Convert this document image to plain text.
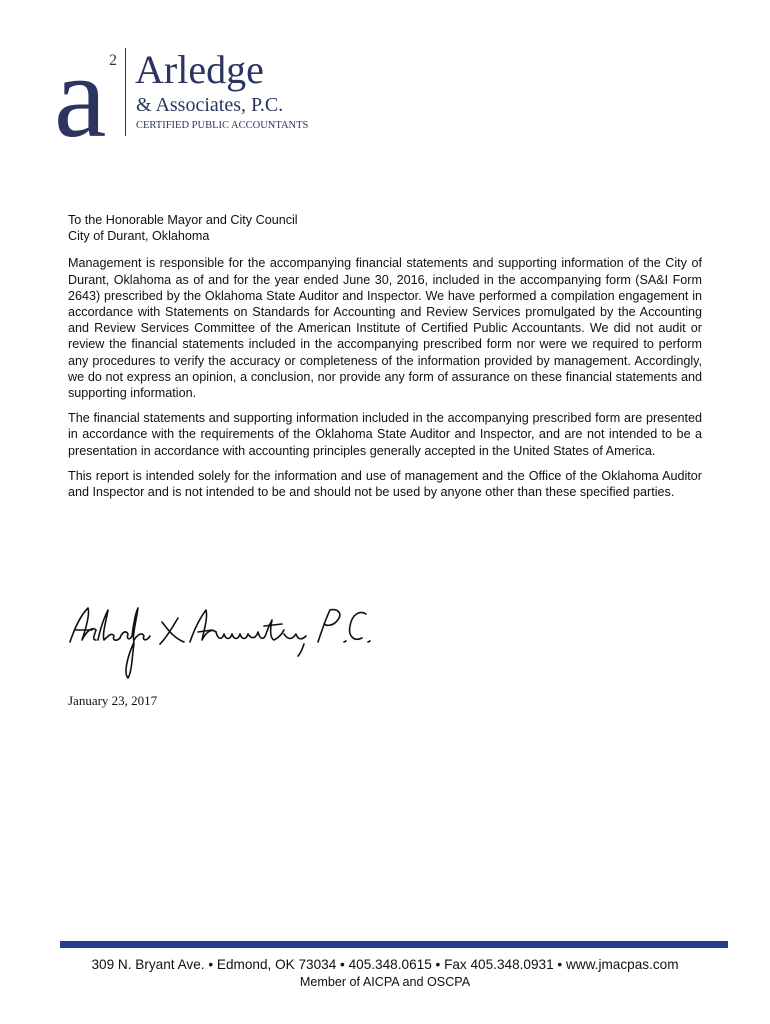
a 2 Arledge
& Associates, P.C.
CERTIFIED PUBLIC ACCOUNTANTS

To the Honorable Mayor and City Council

City of Durant, Oklahoma

Management is responsible for the accompanying financial statements and supporting information of the City of Durant, Oklahoma as of and for the year ended June 30, 2016, included in the accompanying form (SA&I Form 2643) prescribed by the Oklahoma State Auditor and Inspector. We have performed a compilation engagement in accordance with Statements on Standards for Accounting and Review Services promulgated by the Accounting and Review Services Committee of the American Institute of Certified Public Accountants. We did not audit or review the financial statements included in the accompanying prescribed form nor were we required to perform any procedures to verify the accuracy or completeness of the information provided by management. Accordingly, we do not express an opinion, a conclusion, nor provide any form of assurance on these financial statements and supporting information.

The financial statements and supporting information included in the accompanying prescribed form are presented in accordance with the requirements of the Oklahoma State Auditor and Inspector, and are not intended to be a presentation in accordance with accounting principles generally accepted in the United States of America.

This report is intended solely for the information and use of management and the Office of the Oklahoma Auditor and Inspector and is not intended to be and should not be used by anyone other than these specified parties.

January 23, 2017
309 N. Bryant Ave. • Edmond, OK 73034 • 405.348.0615 • Fax 405.348.0931 • www.jmacpas.com
Member of AICPA and OSCPA
